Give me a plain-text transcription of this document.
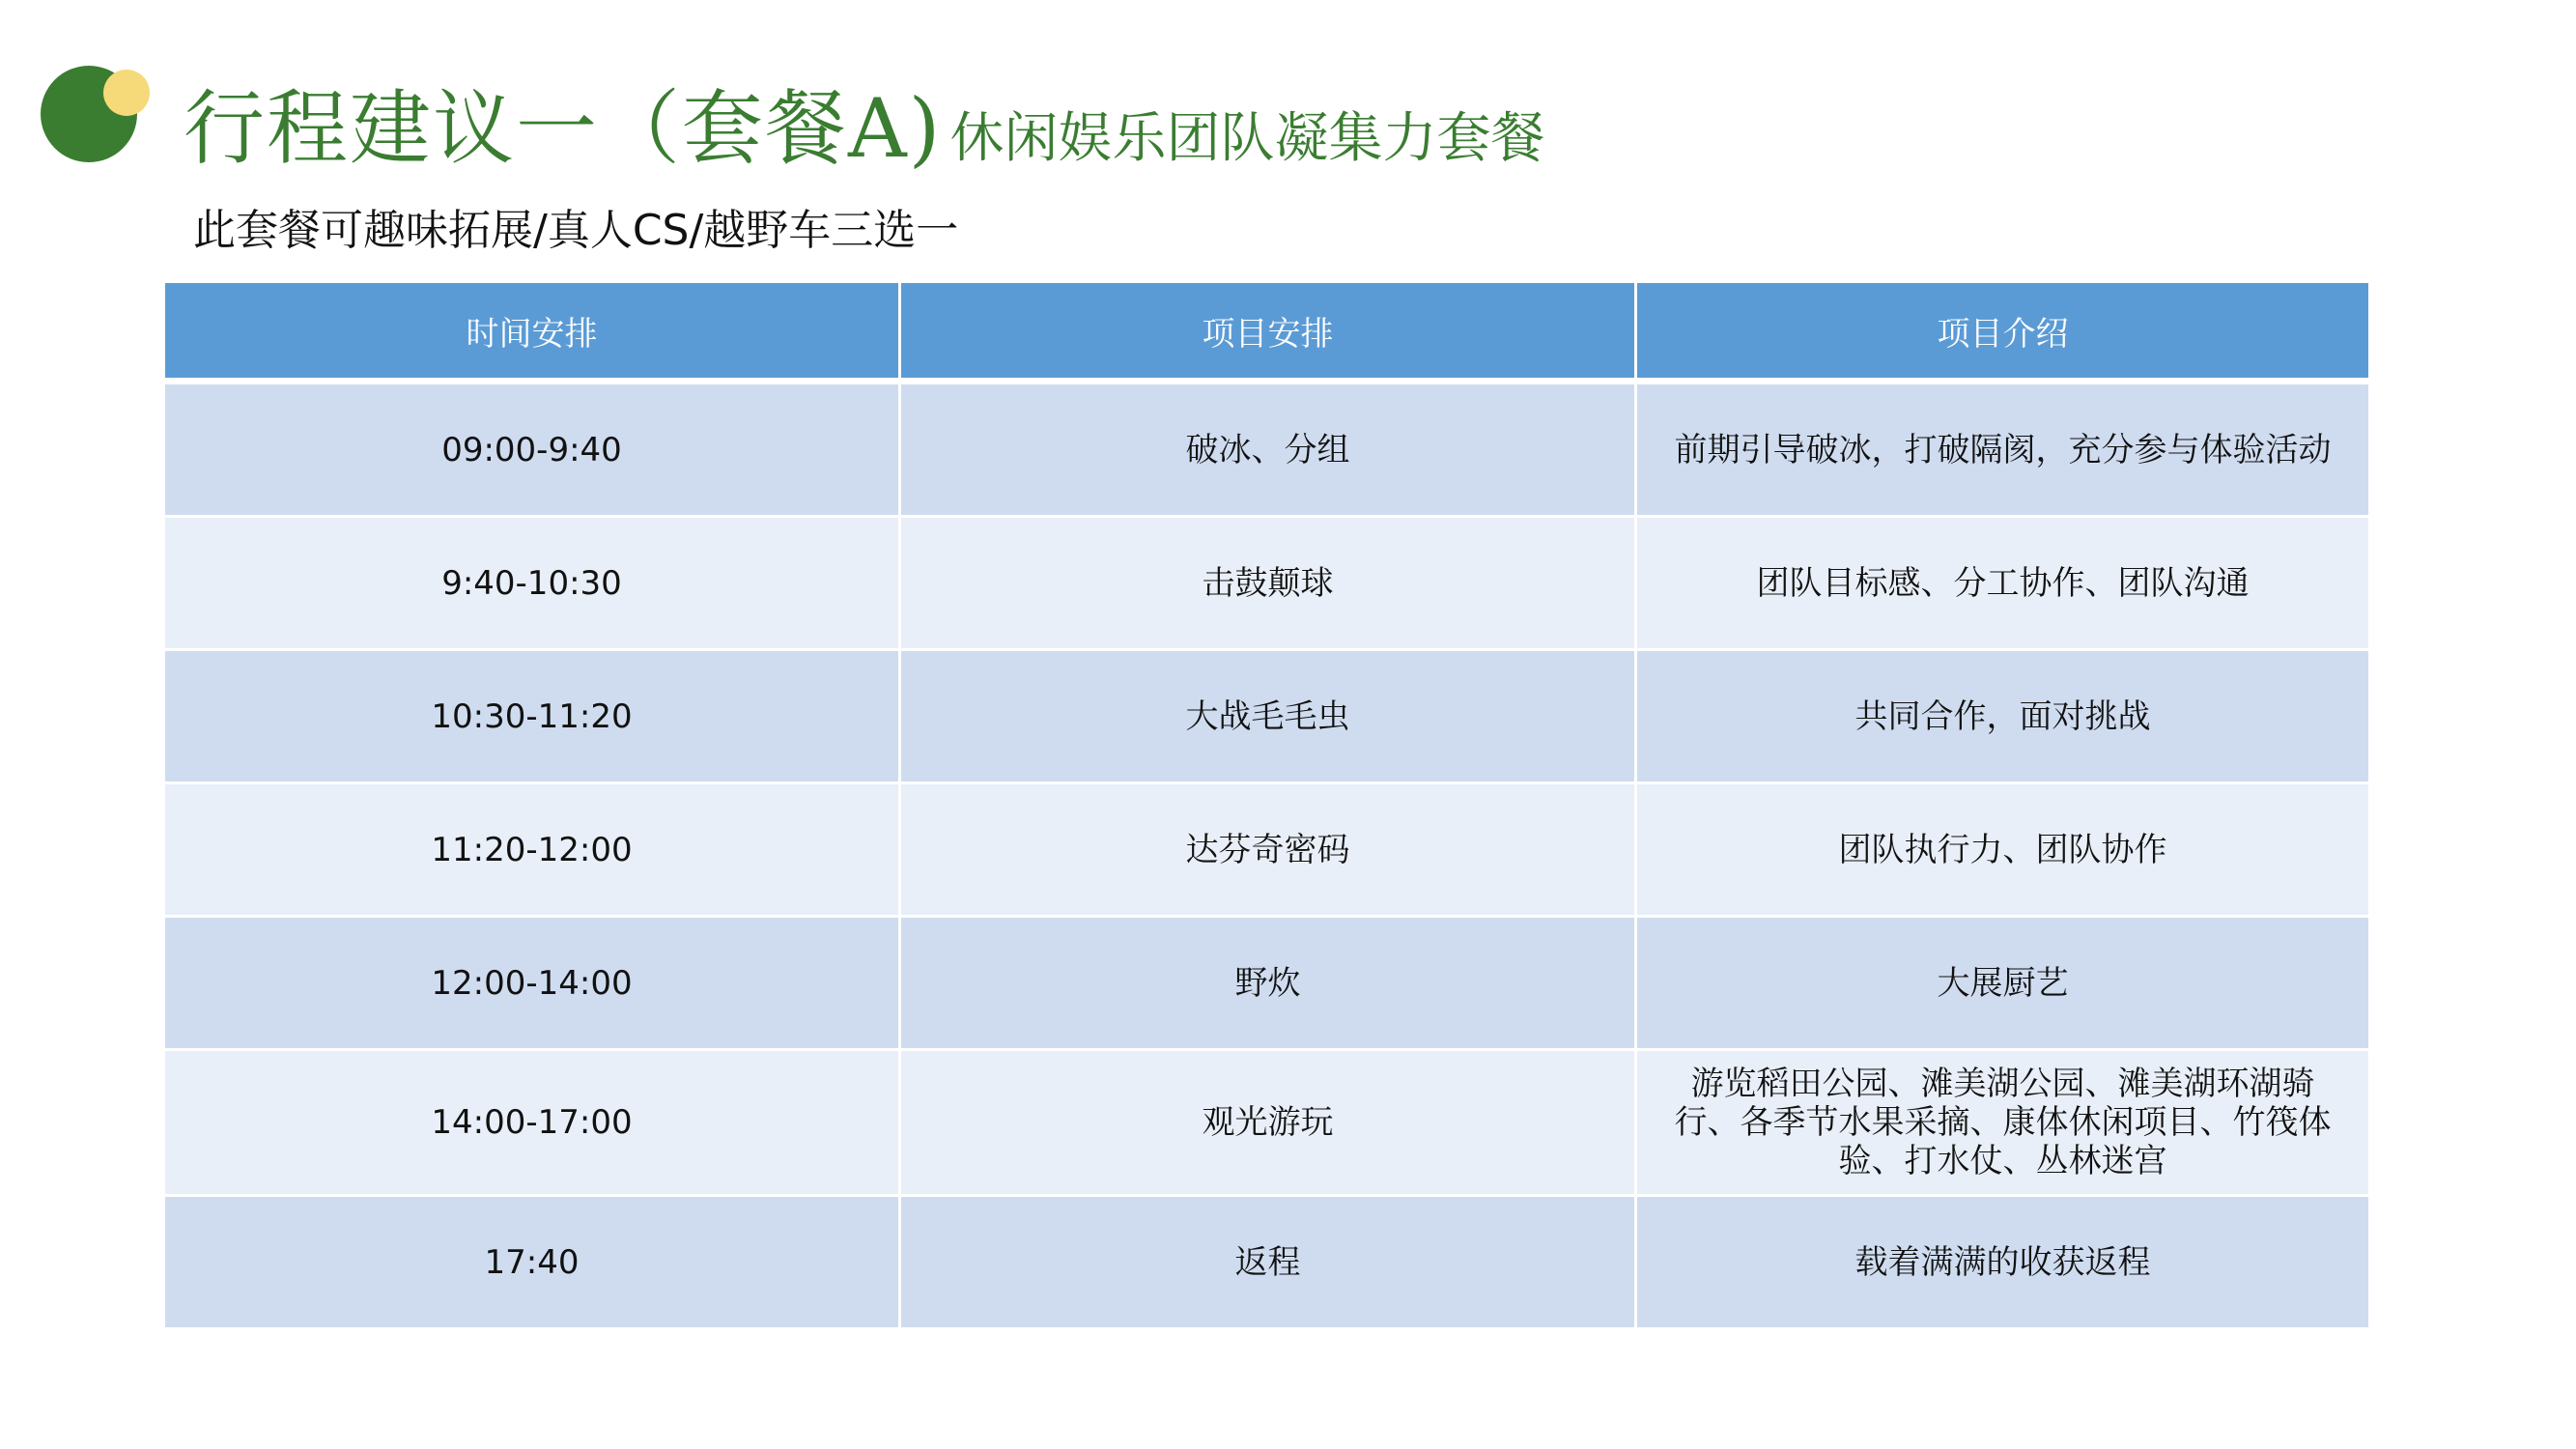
行程建议一（套餐A) 休闲娱乐团队凝集力套餐
此套餐可趣味拓展/真人CS/越野车三选一
时间安排	项目安排	项目介绍
09:00-9:40	破冰、分组	前期引导破冰，打破隔阂，充分参与体验活动
9:40-10:30	击鼓颠球	团队目标感、分工协作、团队沟通
10:30-11:20	大战毛毛虫	共同合作，面对挑战
11:20-12:00	达芬奇密码	团队执行力、团队协作
12:00-14:00	野炊	大展厨艺
14:00-17:00	观光游玩	游览稻田公园、滩美湖公园、滩美湖环湖骑行、各季节水果采摘、康体休闲项目、竹筏体验、打水仗、丛林迷宫
17:40	返程	载着满满的收获返程
